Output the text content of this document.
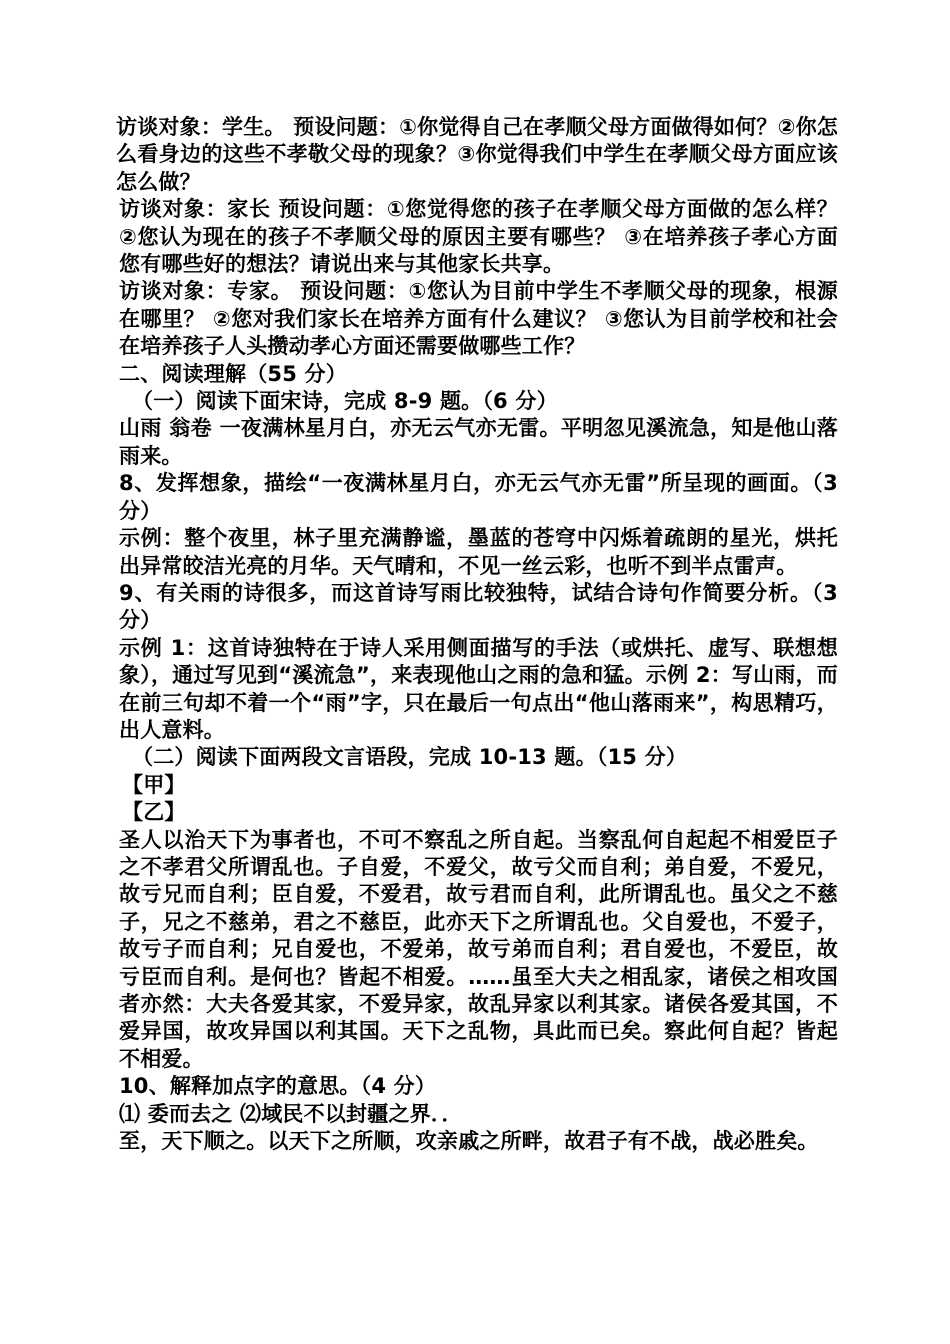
访谈对象：学生。 预设问题：①你觉得自己在孝顺父母方面做得如何？②你怎么看身边的这些不孝敬父母的现象？③你觉得我们中学生在孝顺父母方面应该怎么做？

访谈对象：家长 预设问题：①您觉得您的孩子在孝顺父母方面做的怎么样？ ②您认为现在的孩子不孝顺父母的原因主要有哪些？ ③在培养孩子孝心方面您有哪些好的想法？请说出来与其他家长共享。

访谈对象：专家。 预设问题：①您认为目前中学生不孝顺父母的现象，根源在哪里？ ②您对我们家长在培养方面有什么建议？ ③您认为目前学校和社会在培养孩子人头攒动孝心方面还需要做哪些工作？

二、阅读理解（55 分）

（一）阅读下面宋诗，完成 8-9 题。（6 分）

山雨 翁卷 一夜满林星月白，亦无云气亦无雷。平明忽见溪流急，知是他山落雨来。

8、发挥想象，描绘“一夜满林星月白，亦无云气亦无雷”所呈现的画面。（3 分）

示例：整个夜里，林子里充满静谧，墨蓝的苍穹中闪烁着疏朗的星光，烘托出异常皎洁光亮的月华。天气晴和，不见一丝云彩，也听不到半点雷声。

9、有关雨的诗很多，而这首诗写雨比较独特，试结合诗句作简要分析。（3 分）

示例 1：这首诗独特在于诗人采用侧面描写的手法（或烘托、虚写、联想想象），通过写见到“溪流急”，来表现他山之雨的急和猛。示例 2：写山雨，而在前三句却不着一个“雨”字，只在最后一句点出“他山落雨来”，构思精巧，出人意料。

（二）阅读下面两段文言语段，完成 10-13 题。（15 分）

【甲】

【乙】

圣人以治天下为事者也，不可不察乱之所自起。当察乱何自起起不相爱臣子之不孝君父所谓乱也。子自爱，不爱父，故亏父而自利；弟自爱，不爱兄，故亏兄而自利；臣自爱，不爱君，故亏君而自利，此所谓乱也。虽父之不慈子，兄之不慈弟，君之不慈臣，此亦天下之所谓乱也。父自爱也，不爱子，故亏子而自利；兄自爱也，不爱弟，故亏弟而自利；君自爱也，不爱臣，故亏臣而自利。是何也？皆起不相爱。……虽至大夫之相乱家，诸侯之相攻国者亦然：大夫各爱其家，不爱异家，故乱异家以利其家。诸侯各爱其国，不爱异国，故攻异国以利其国。天下之乱物，具此而已矣。察此何自起？皆起不相爱。

10、解释加点字的意思。（4 分）

⑴ 委而去之 ⑵域民不以封疆之界．．

至，天下顺之。以天下之所顺，攻亲戚之所畔，故君子有不战，战必胜矣。
